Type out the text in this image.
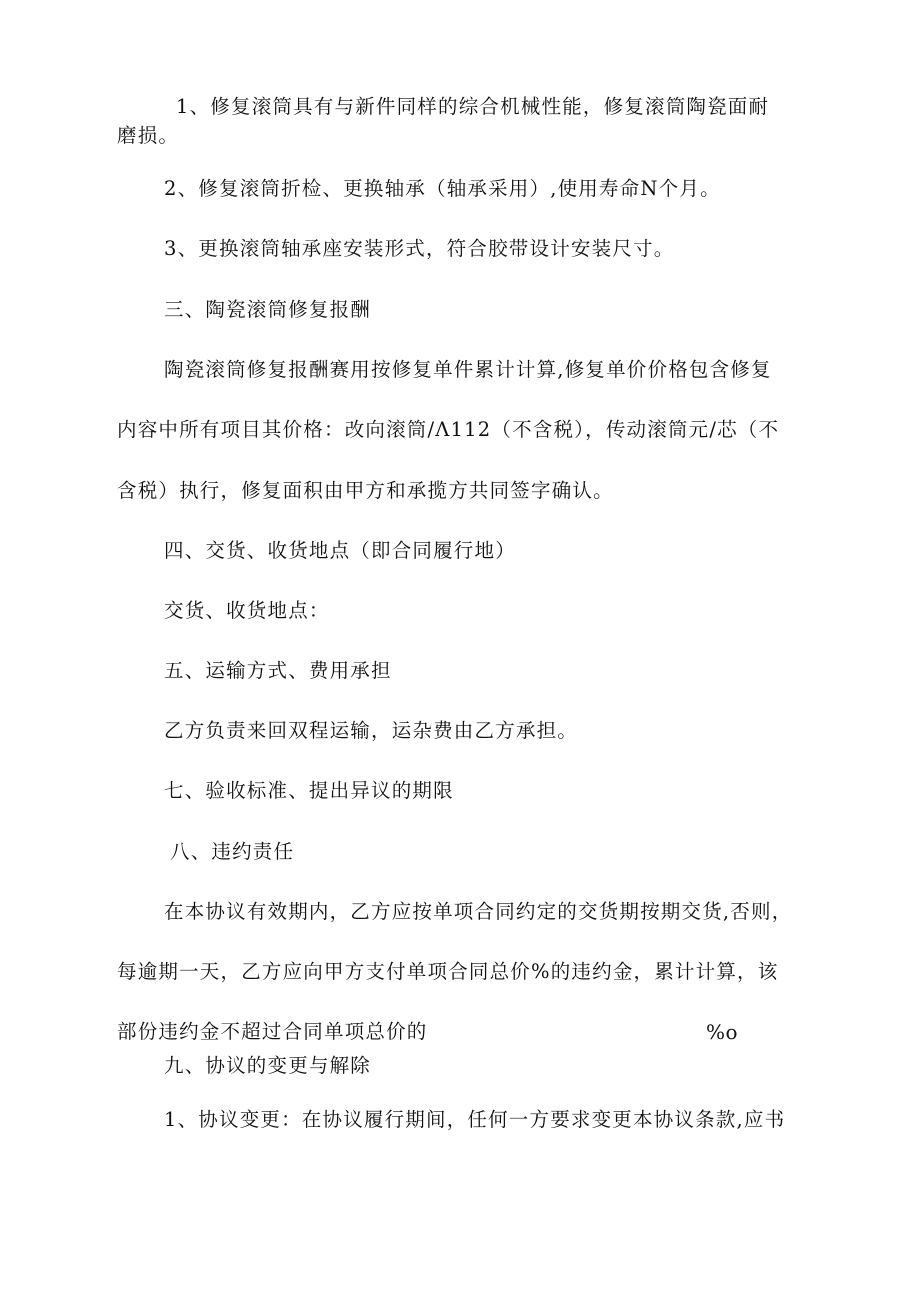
1、修复滚筒具有与新件同样的综合机械性能，修复滚筒陶瓷面耐
磨损。
2、修复滚筒折检、更换轴承（轴承采用）,使用寿命N个月。
3、更换滚筒轴承座安装形式，符合胶带设计安装尺寸。
三、陶瓷滚筒修复报酬
陶瓷滚筒修复报酬赛用按修复单件累计计算,修复单价价格包含修复
内容中所有项目其价格：改向滚筒/Λ112（不含税），传动滚筒元/芯（不
含税）执行，修复面积由甲方和承揽方共同签字确认。
四、交货、收货地点（即合同履行地）
交货、收货地点：
五、运输方式、费用承担
乙方负责来回双程运输，运杂费由乙方承担。
七、验收标准、提出异议的期限
八、违约责任
在本协议有效期内，乙方应按单项合同约定的交货期按期交货,否则，
每逾期一天，乙方应向甲方支付单项合同总价%的违约金，累计计算，该
部份违约金不超过合同单项总价的	%o
九、协议的变更与解除
1、协议变更：在协议履行期间，任何一方要求变更本协议条款,应书
